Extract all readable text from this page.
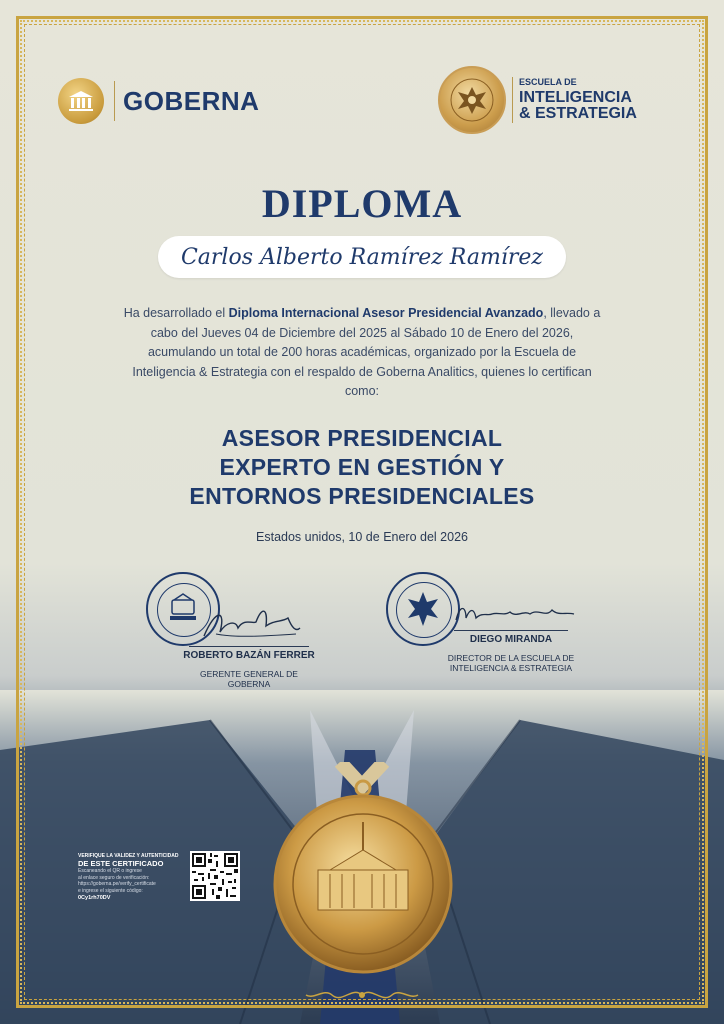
GOBERNA
ESCUELA DE
INTELIGENCIA
& ESTRATEGIA
DIPLOMA
Carlos Alberto Ramírez Ramírez
Ha desarrollado el Diploma Internacional Asesor Presidencial Avanzado, llevado a cabo del Jueves 04 de Diciembre del 2025 al Sábado 10 de Enero del 2026, acumulando un total de 200 horas académicas, organizado por la Escuela de Inteligencia & Estrategia con el respaldo de Goberna Analitics, quienes lo certifican como:
ASESOR PRESIDENCIAL
EXPERTO EN GESTIÓN Y
ENTORNOS PRESIDENCIALES
Estados unidos, 10 de Enero del 2026
ROBERTO BAZÁN FERRER
GERENTE GENERAL DE
GOBERNA
DIEGO MIRANDA
DIRECTOR DE LA ESCUELA DE
INTELIGENCIA & ESTRATEGIA
VERIFIQUE LA VALIDEZ Y AUTENTICIDAD
DE ESTE CERTIFICADO
Escaneando el QR o ingrese
al enlace seguro de verificación:
https://goberna.pe/verify_certificate
e ingrese el siguiente código:
0Cy1rh70DV
